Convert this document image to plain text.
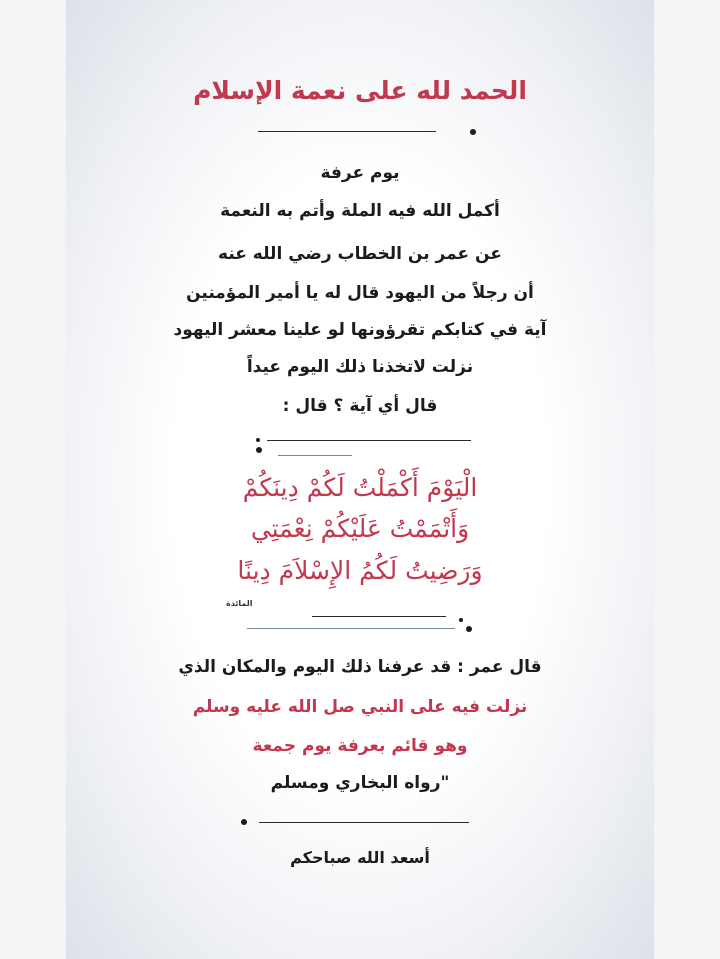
الحمد لله على نعمة الإسلام
يوم عرفة
أكمل الله فيه الملة وأتم به النعمة
عن عمر بن الخطاب رضي الله عنه
أن رجلاً من اليهود قال له يا أمير المؤمنين
آية في كتابكم تقرؤونها لو علينا معشر اليهود
نزلت لاتخذنا ذلك اليوم عيداً
قال أي آية ؟ قال :
الْيَوْمَ أَكْمَلْتُ لَكُمْ دِينَكُمْ
وَأَتْمَمْتُ عَلَيْكُمْ نِعْمَتِي
وَرَضِيتُ لَكُمُ الإِسْلاَمَ دِينًا
المائدة
قال عمر : قد عرفنا ذلك اليوم والمكان الذي
نزلت فيه على النبي صل الله عليه وسلم
وهو قائم بعرفة يوم جمعة
"رواه البخاري ومسلم
أسعد الله صباحكم
